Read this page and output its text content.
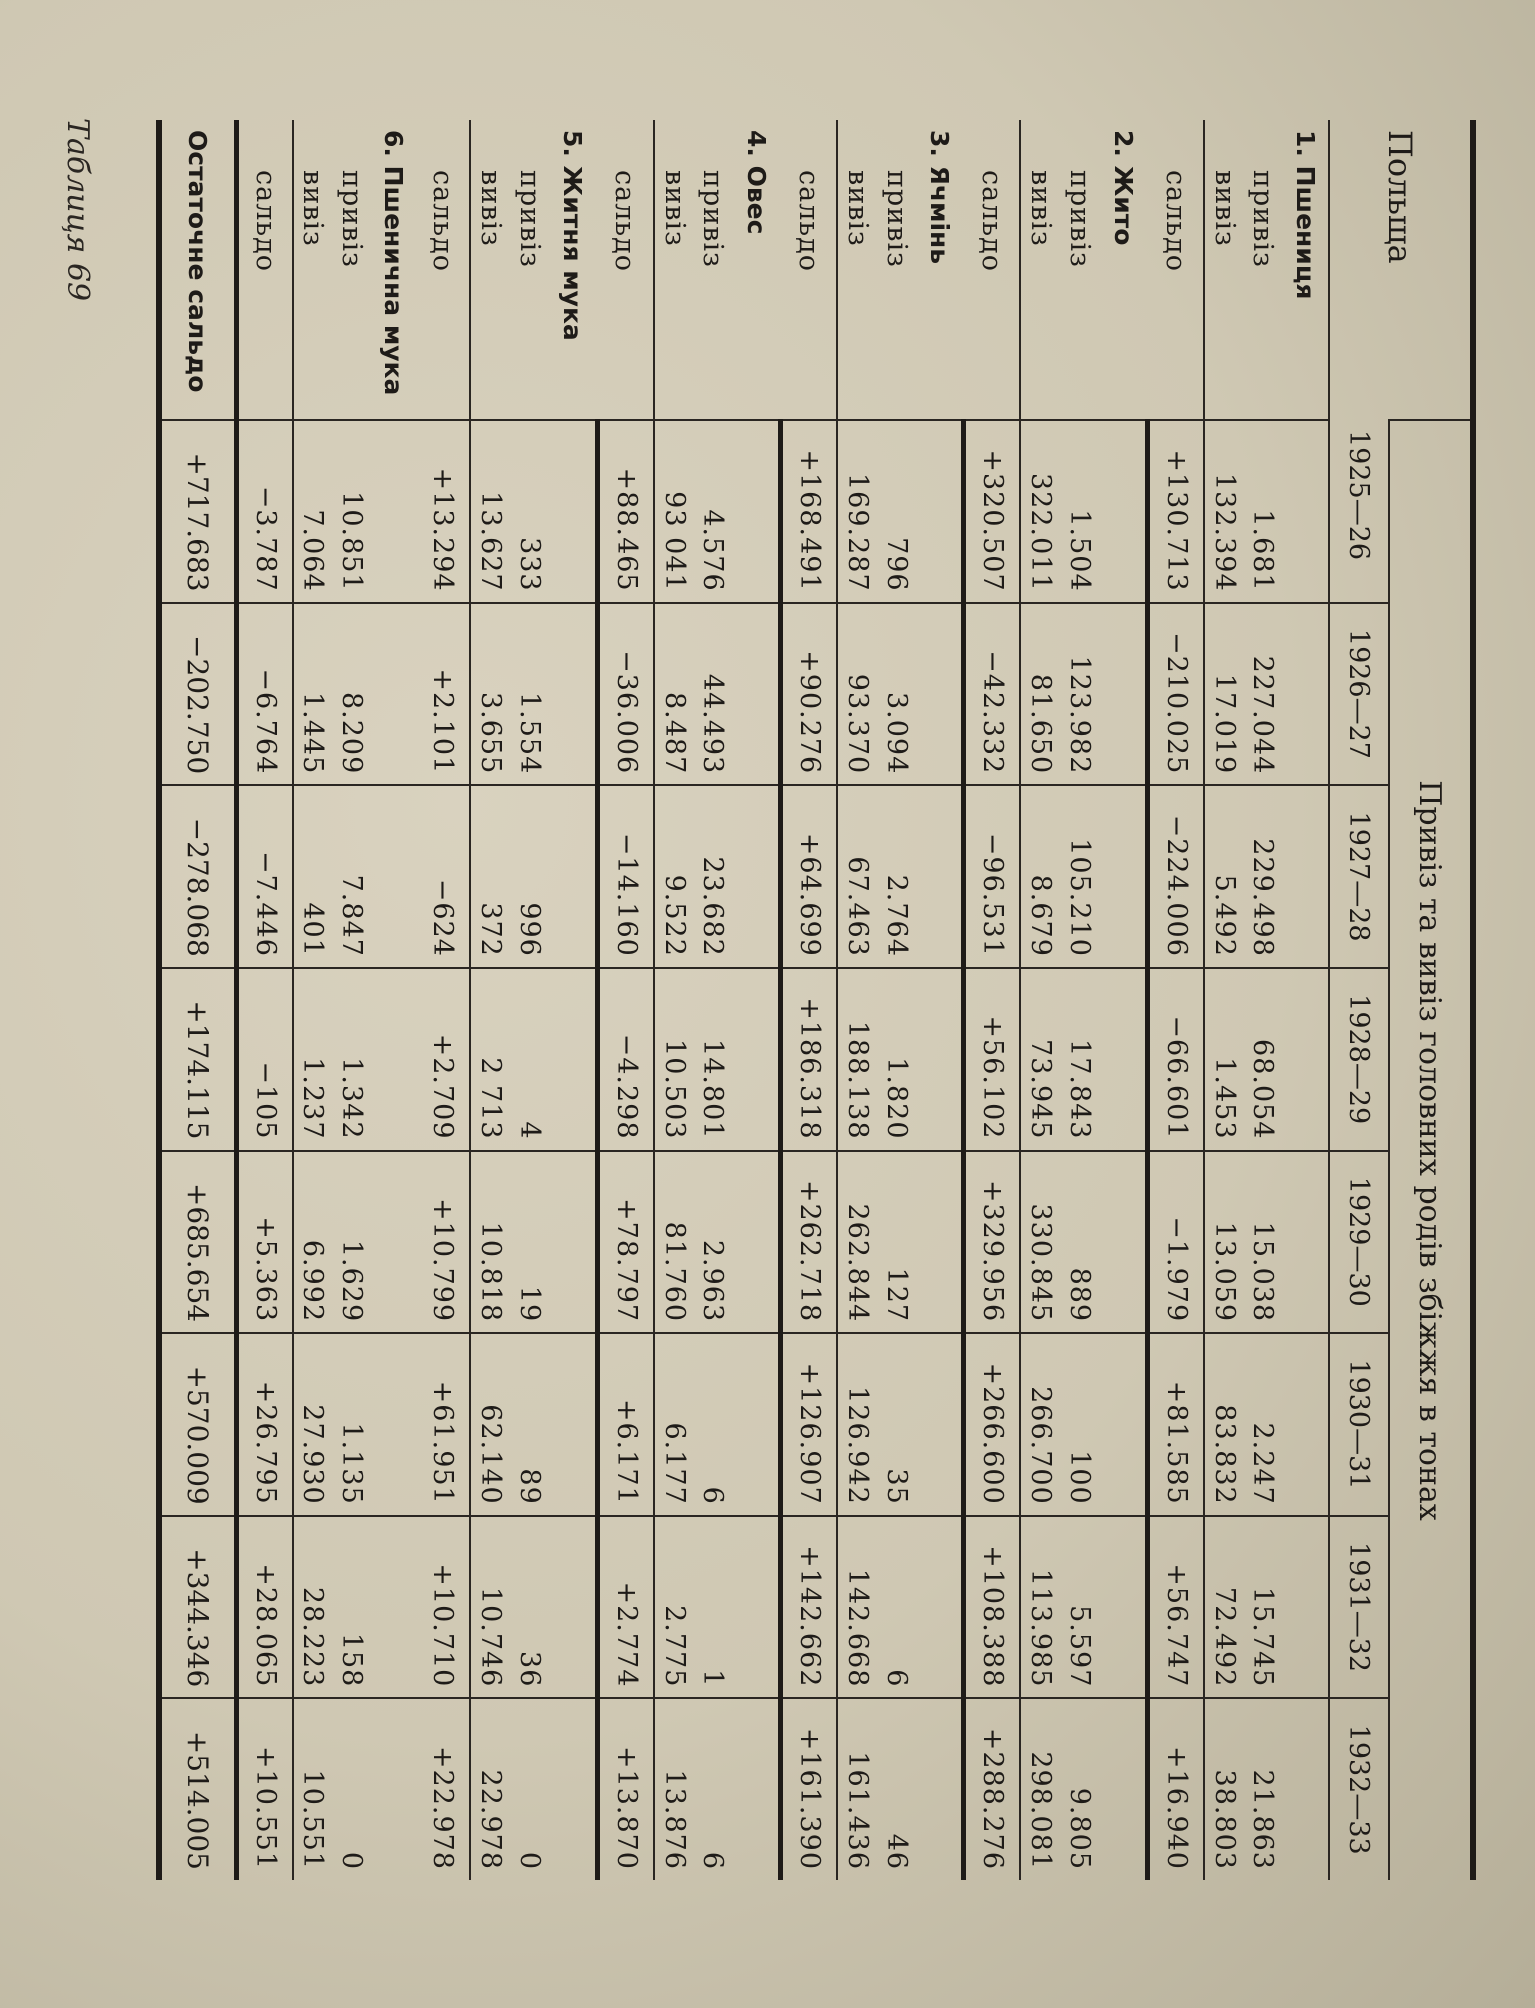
Таблиця 69	Польща	Привіз та вивіз головних родів збіжжя в тонах							
	1925—26	1926—27	1927—28	1928—29	1929—30	1930—31	1931—32	1932—33
1. Пшениця								
привіз	1.681	227.044	229.498	68.054	15.038	2.247	15.745	21.863
вивіз	132.394	17.019	5.492	1.453	13.059	83.832	72.492	38.803
сальдо	+130.713	−210.025	−224.006	−66.601	−1.979	+81.585	+56.747	+16.940
2. Жито								
привіз	1.504	123.982	105.210	17.843	889	100	5.597	9.805
вивіз	322.011	81.650	8.679	73.945	330.845	266.700	113.985	298.081
сальдо	+320.507	−42.332	−96.531	+56.102	+329.956	+266.600	+108.388	+288.276
3. Ячмінь								
привіз	796	3.094	2.764	1.820	127	35	6	46
вивіз	169.287	93.370	67.463	188.138	262.844	126.942	142.668	161.436
сальдо	+168.491	+90.276	+64.699	+186.318	+262.718	+126.907	+142.662	+161.390
4. Овес								
привіз	4.576	44.493	23.682	14.801	2.963	6	1	6
вивіз	93 041	8.487	9.522	10.503	81.760	6.177	2.775	13.876
сальдо	+88.465	−36.006	−14.160	−4.298	+78.797	+6.171	+2.774	+13.870
5. Житня мука								
привіз	333	1.554	996	4	19	89	36	0
вивіз	13.627	3.655	372	2 713	10.818	62.140	10.746	22.978
сальдо	+13.294	+2.101	−624	+2.709	+10.799	+61.951	+10.710	+22.978
6. Пшенична мука								
привіз	10.851	8.209	7.847	1.342	1.629	1.135	158	0
вивіз	7.064	1.445	401	1.237	6.992	27.930	28.223	10.551
сальдо	−3.787	−6.764	−7.446	−105	+5.363	+26.795	+28.065	+10.551
Остаточне сальдо	+717.683	−202.750	−278.068	+174.115	+685.654	+570.009	+344.346	+514.005
